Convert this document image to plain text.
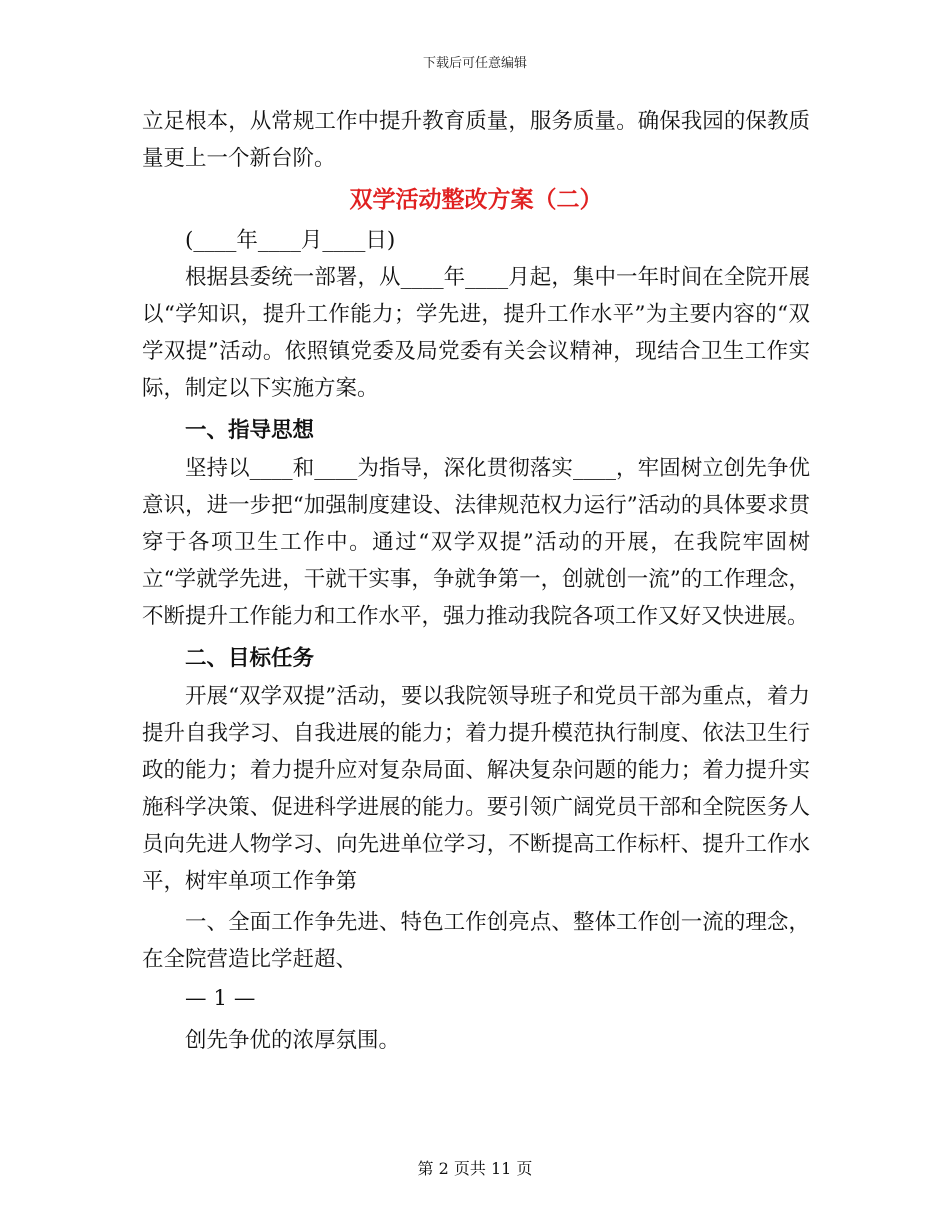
下载后可任意编辑

立足根本，从常规工作中提升教育质量，服务质量。确保我园的保教质量更上一个新台阶。

双学活动整改方案（二）

(____年____月____日)

根据县委统一部署，从____年____月起，集中一年时间在全院开展以“学知识，提升工作能力；学先进，提升工作水平”为主要内容的“双学双提”活动。依照镇党委及局党委有关会议精神，现结合卫生工作实际，制定以下实施方案。

一、指导思想

坚持以____和____为指导，深化贯彻落实____，牢固树立创先争优意识，进一步把“加强制度建设、法律规范权力运行”活动的具体要求贯穿于各项卫生工作中。通过“双学双提”活动的开展，在我院牢固树立“学就学先进，干就干实事，争就争第一，创就创一流”的工作理念，不断提升工作能力和工作水平，强力推动我院各项工作又好又快进展。

二、目标任务

开展“双学双提”活动，要以我院领导班子和党员干部为重点，着力提升自我学习、自我进展的能力；着力提升模范执行制度、依法卫生行政的能力；着力提升应对复杂局面、解决复杂问题的能力；着力提升实施科学决策、促进科学进展的能力。要引领广阔党员干部和全院医务人员向先进人物学习、向先进单位学习，不断提高工作标杆、提升工作水平，树牢单项工作争第

一、全面工作争先进、特色工作创亮点、整体工作创一流的理念，在全院营造比学赶超、

— 1 —

创先争优的浓厚氛围。

第 2 页共 11 页
